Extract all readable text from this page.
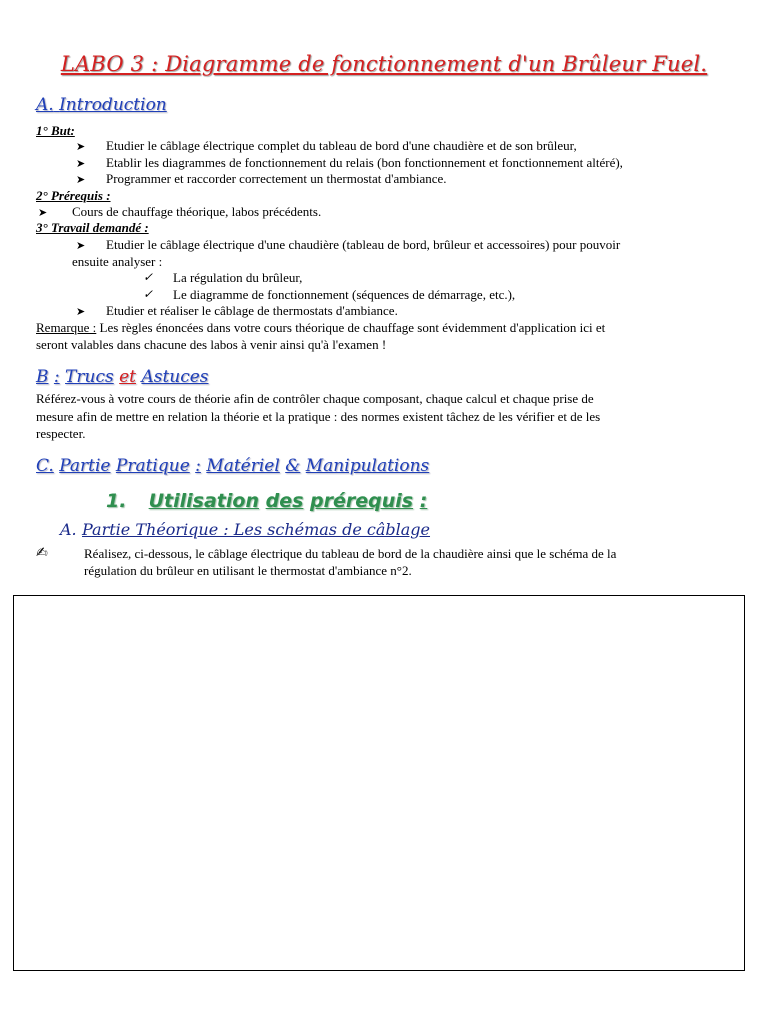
LABO 3 : Diagramme de fonctionnement d'un Brûleur Fuel.
A. Introduction
1° But:
➤ Etudier le câblage électrique complet du tableau de bord d'une chaudière et de son brûleur,
➤ Etablir les diagrammes de fonctionnement du relais (bon fonctionnement et fonctionnement altéré),
➤ Programmer et raccorder correctement un thermostat d'ambiance.
2° Prérequis :
➤ Cours de chauffage théorique, labos précédents.
3° Travail demandé :
➤ Etudier le câblage électrique d'une chaudière (tableau de bord, brûleur et accessoires) pour pouvoir
ensuite analyser :
✓ La régulation du brûleur,
✓ Le diagramme de fonctionnement (séquences de démarrage, etc.),
➤ Etudier et réaliser le câblage de thermostats d'ambiance.
Remarque : Les règles énoncées dans votre cours théorique de chauffage sont évidemment d'application ici et
seront valables dans chacune des labos à venir ainsi qu'à l'examen !
B : Trucs et Astuces
Référez-vous à votre cours de théorie afin de contrôler chaque composant, chaque calcul et chaque prise de
mesure afin de mettre en relation la théorie et la pratique : des normes existent tâchez de les vérifier et de les
respecter.
C. Partie Pratique : Matériel & Manipulations
1. Utilisation des prérequis :
A. Partie Théorique : Les schémas de câblage
✍	Réalisez, ci-dessous, le câblage électrique du tableau de bord de la chaudière ainsi que le schéma de la
régulation du brûleur en utilisant le thermostat d'ambiance n°2.
